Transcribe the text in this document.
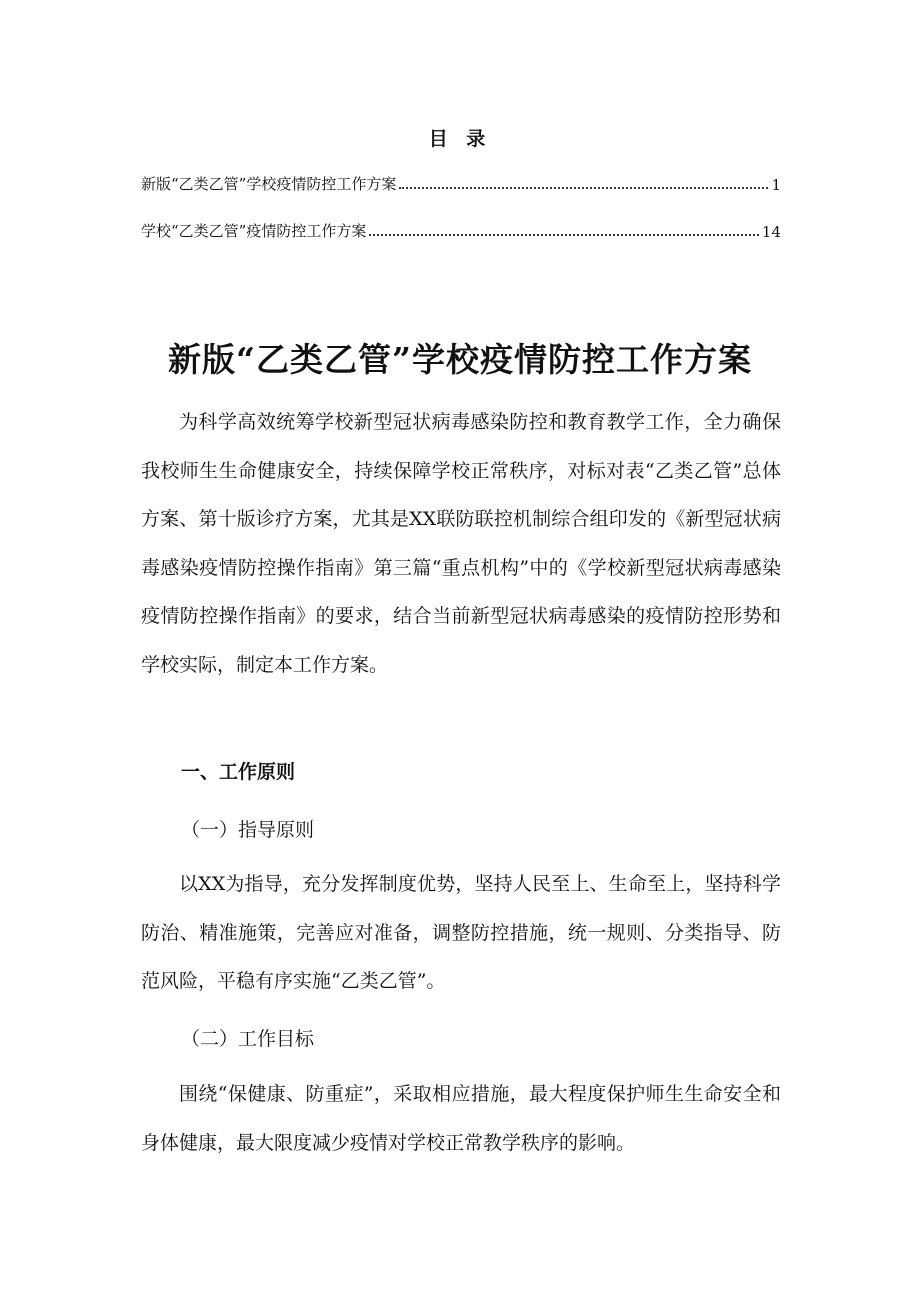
目 录
新版“乙类乙管”学校疫情防控工作方案	1
学校“乙类乙管”疫情防控工作方案	14
新版“乙类乙管”学校疫情防控工作方案

为科学高效统筹学校新型冠状病毒感染防控和教育教学工作，全力确保我校师生生命健康安全，持续保障学校正常秩序，对标对表“乙类乙管”总体方案、第十版诊疗方案，尤其是XX联防联控机制综合组印发的《新型冠状病毒感染疫情防控操作指南》第三篇“重点机构”中的《学校新型冠状病毒感染疫情防控操作指南》的要求，结合当前新型冠状病毒感染的疫情防控形势和学校实际，制定本工作方案。

一、工作原则

（一）指导原则

以XX为指导，充分发挥制度优势，坚持人民至上、生命至上，坚持科学防治、精准施策，完善应对准备，调整防控措施，统一规则、分类指导、防范风险，平稳有序实施“乙类乙管”。

（二）工作目标

围绕“保健康、防重症”，采取相应措施，最大程度保护师生生命安全和身体健康，最大限度减少疫情对学校正常教学秩序的影响。
